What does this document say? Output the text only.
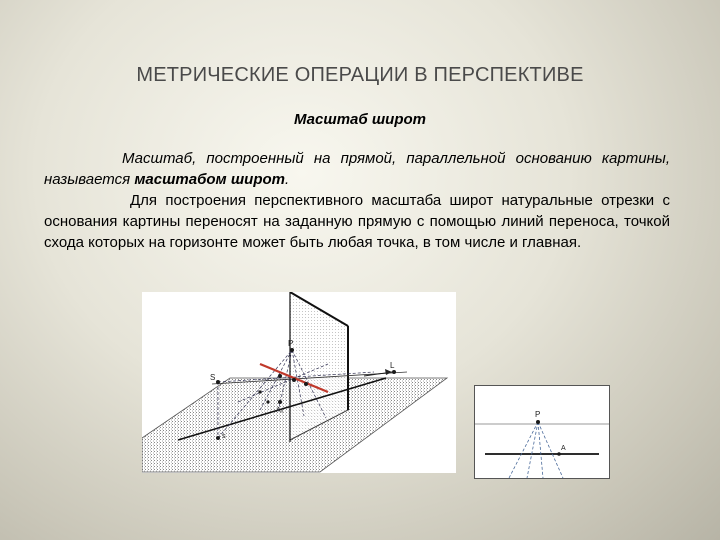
МЕТРИЧЕСКИЕ ОПЕРАЦИИ В ПЕРСПЕКТИВЕ
Масштаб широт

Масштаб, построенный на прямой, параллельной основанию картины, называется масштабом широт.

Для построения перспективного масштаба широт натуральные отрезки с основания картины переносят на заданную прямую с помощью линий переноса, точкой схода которых на горизонте может быть любая точка, в том числе и главная.

P
S
L
A₀
s
P
A
